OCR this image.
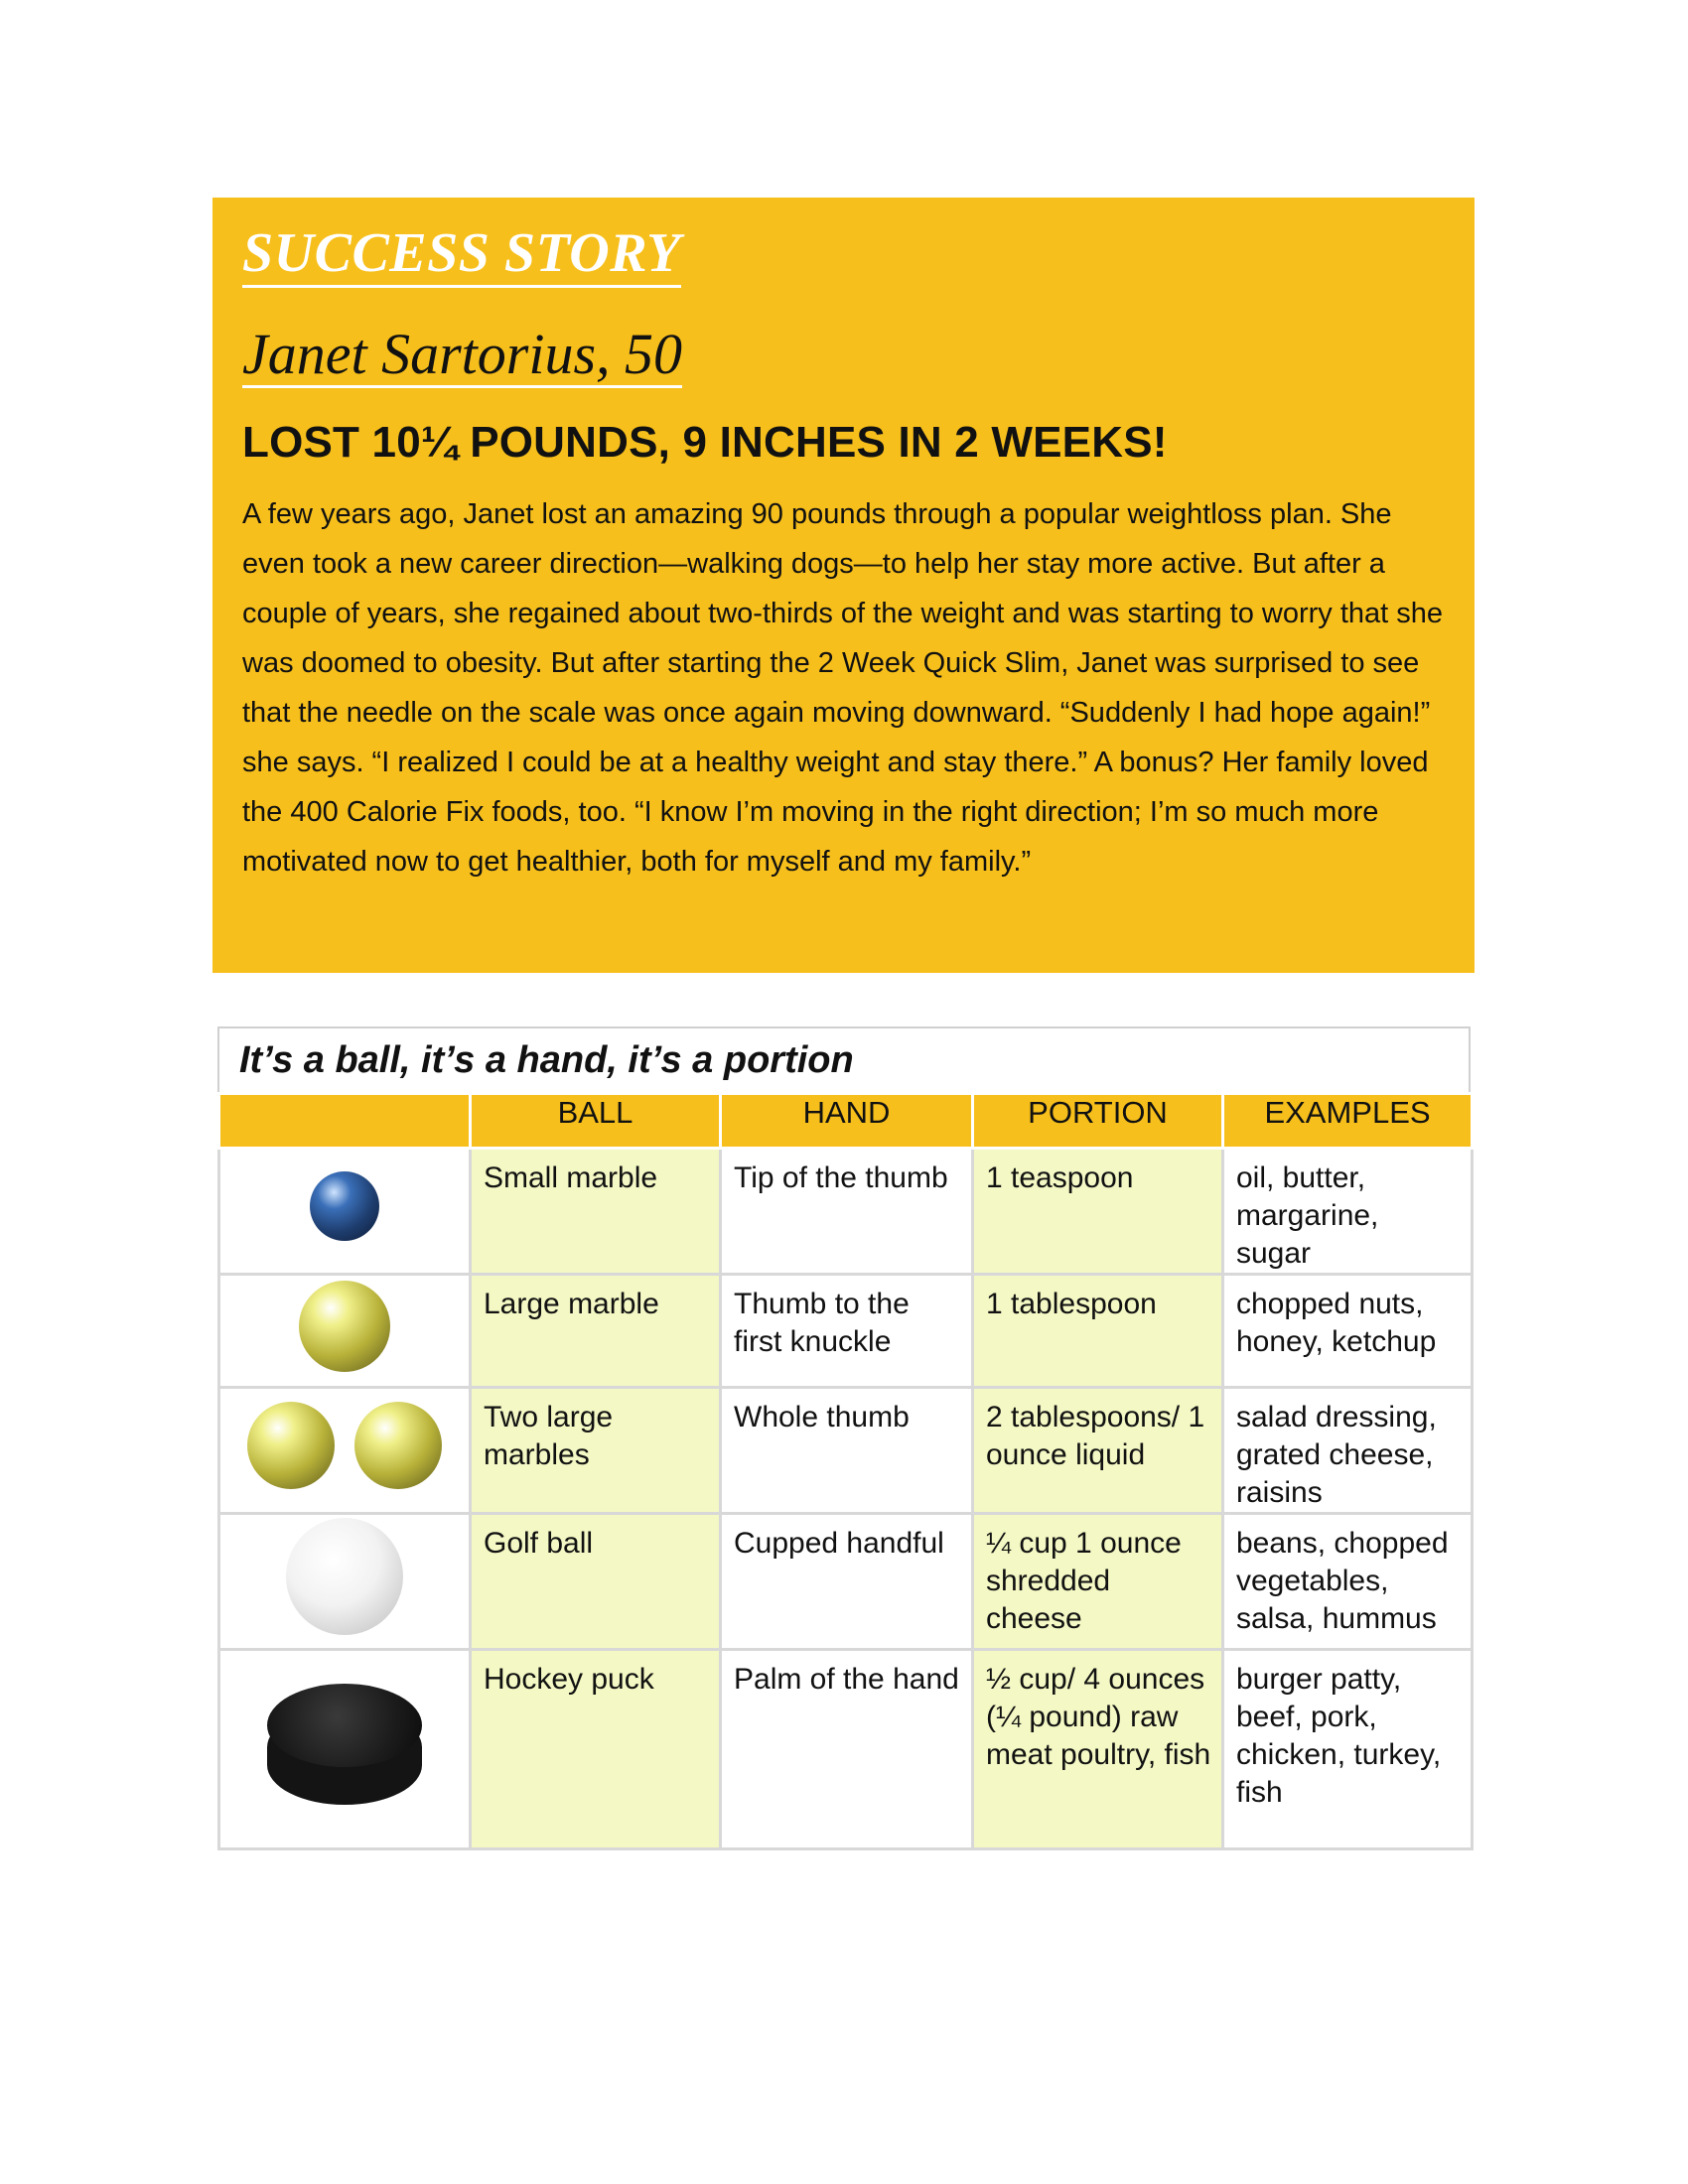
SUCCESS STORY
Janet Sartorius, 50
LOST 10¼ POUNDS, 9 INCHES IN 2 WEEKS!
A few years ago, Janet lost an amazing 90 pounds through a popular weightloss plan. She even took a new career direction—walking dogs—to help her stay more active. But after a couple of years, she regained about two-thirds of the weight and was starting to worry that she was doomed to obesity. But after starting the 2 Week Quick Slim, Janet was surprised to see that the needle on the scale was once again moving downward. “Suddenly I had hope again!” she says. “I realized I could be at a healthy weight and stay there.” A bonus? Her family loved the 400 Calorie Fix foods, too. “I know I’m moving in the right direction; I’m so much more motivated now to get healthier, both for myself and my family.”
It’s a ball, it’s a hand, it’s a portion
	BALL	HAND	PORTION	EXAMPLES
	Small marble	Tip of the thumb	1 teaspoon	oil, butter, margarine, sugar
	Large marble	Thumb to the first knuckle	1 tablespoon	chopped nuts, honey, ketchup
	Two large marbles	Whole thumb	2 tablespoons/ 1 ounce liquid	salad dressing, grated cheese, raisins
	Golf ball	Cupped handful	¼ cup 1 ounce shredded cheese	beans, chopped vegetables, salsa, hummus

	Hockey puck	Palm of the hand	½ cup/ 4 ounces (¼ pound) raw meat poultry, fish	burger patty, beef, pork, chicken, turkey, fish
